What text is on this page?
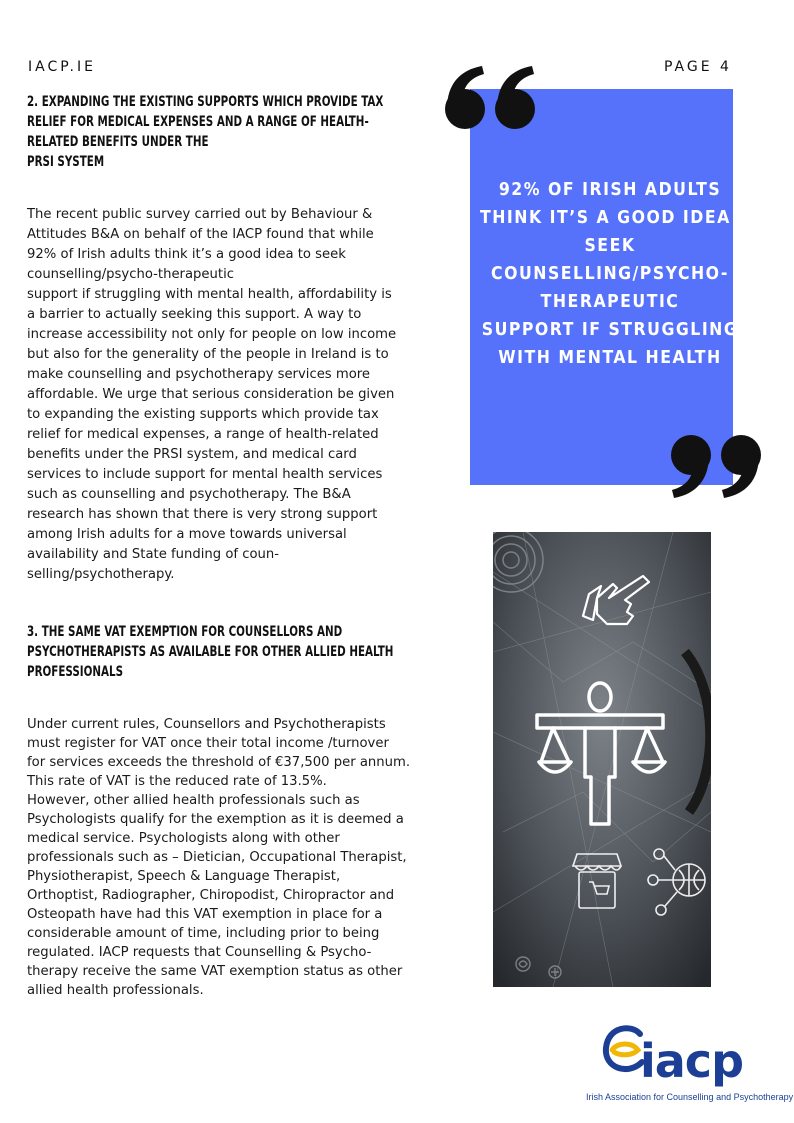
IACP.IE	PAGE 4
2. EXPANDING THE EXISTING SUPPORTS WHICH PROVIDE TAX
RELIEF FOR MEDICAL EXPENSES AND A RANGE OF HEALTH-
RELATED BENEFITS UNDER THE
PRSI SYSTEM
The recent public survey carried out by Behaviour &
Attitudes B&A on behalf of the IACP found that while
92% of Irish adults think it’s a good idea to seek
counselling/psycho-therapeutic
support if struggling with mental health, affordability is
a barrier to actually seeking this support. A way to
increase accessibility not only for people on low income
but also for the generality of the people in Ireland is to
make counselling and psychotherapy services more
affordable. We urge that serious consideration be given
to expanding the existing supports which provide tax
relief for medical expenses, a range of health-related
benefits under the PRSI system, and medical card
services to include support for mental health services
such as counselling and psychotherapy. The B&A
research has shown that there is very strong support
among Irish adults for a move towards universal
availability and State funding of coun-
selling/psychotherapy.
3. THE SAME VAT EXEMPTION FOR COUNSELLORS AND
PSYCHOTHERAPISTS AS AVAILABLE FOR OTHER ALLIED HEALTH
PROFESSIONALS
Under current rules, Counsellors and Psychotherapists
must register for VAT once their total income /turnover
for services exceeds the threshold of €37,500 per annum.
This rate of VAT is the reduced rate of 13.5%.
However, other allied health professionals such as
Psychologists qualify for the exemption as it is deemed a
medical service. Psychologists along with other
professionals such as – Dietician, Occupational Therapist,
Physiotherapist, Speech & Language Therapist,
Orthoptist, Radiographer, Chiropodist, Chiropractor and
Osteopath have had this VAT exemption in place for a
considerable amount of time, including prior to being
regulated. IACP requests that Counselling & Psycho-
therapy receive the same VAT exemption status as other
allied health professionals.
92% OF IRISH ADULTS
THINK IT’S A GOOD IDEA TO
SEEK
COUNSELLING/PSYCHO-
THERAPEUTIC
SUPPORT IF STRUGGLING
WITH MENTAL HEALTH
iacp
Irish Association for Counselling and Psychotherapy
